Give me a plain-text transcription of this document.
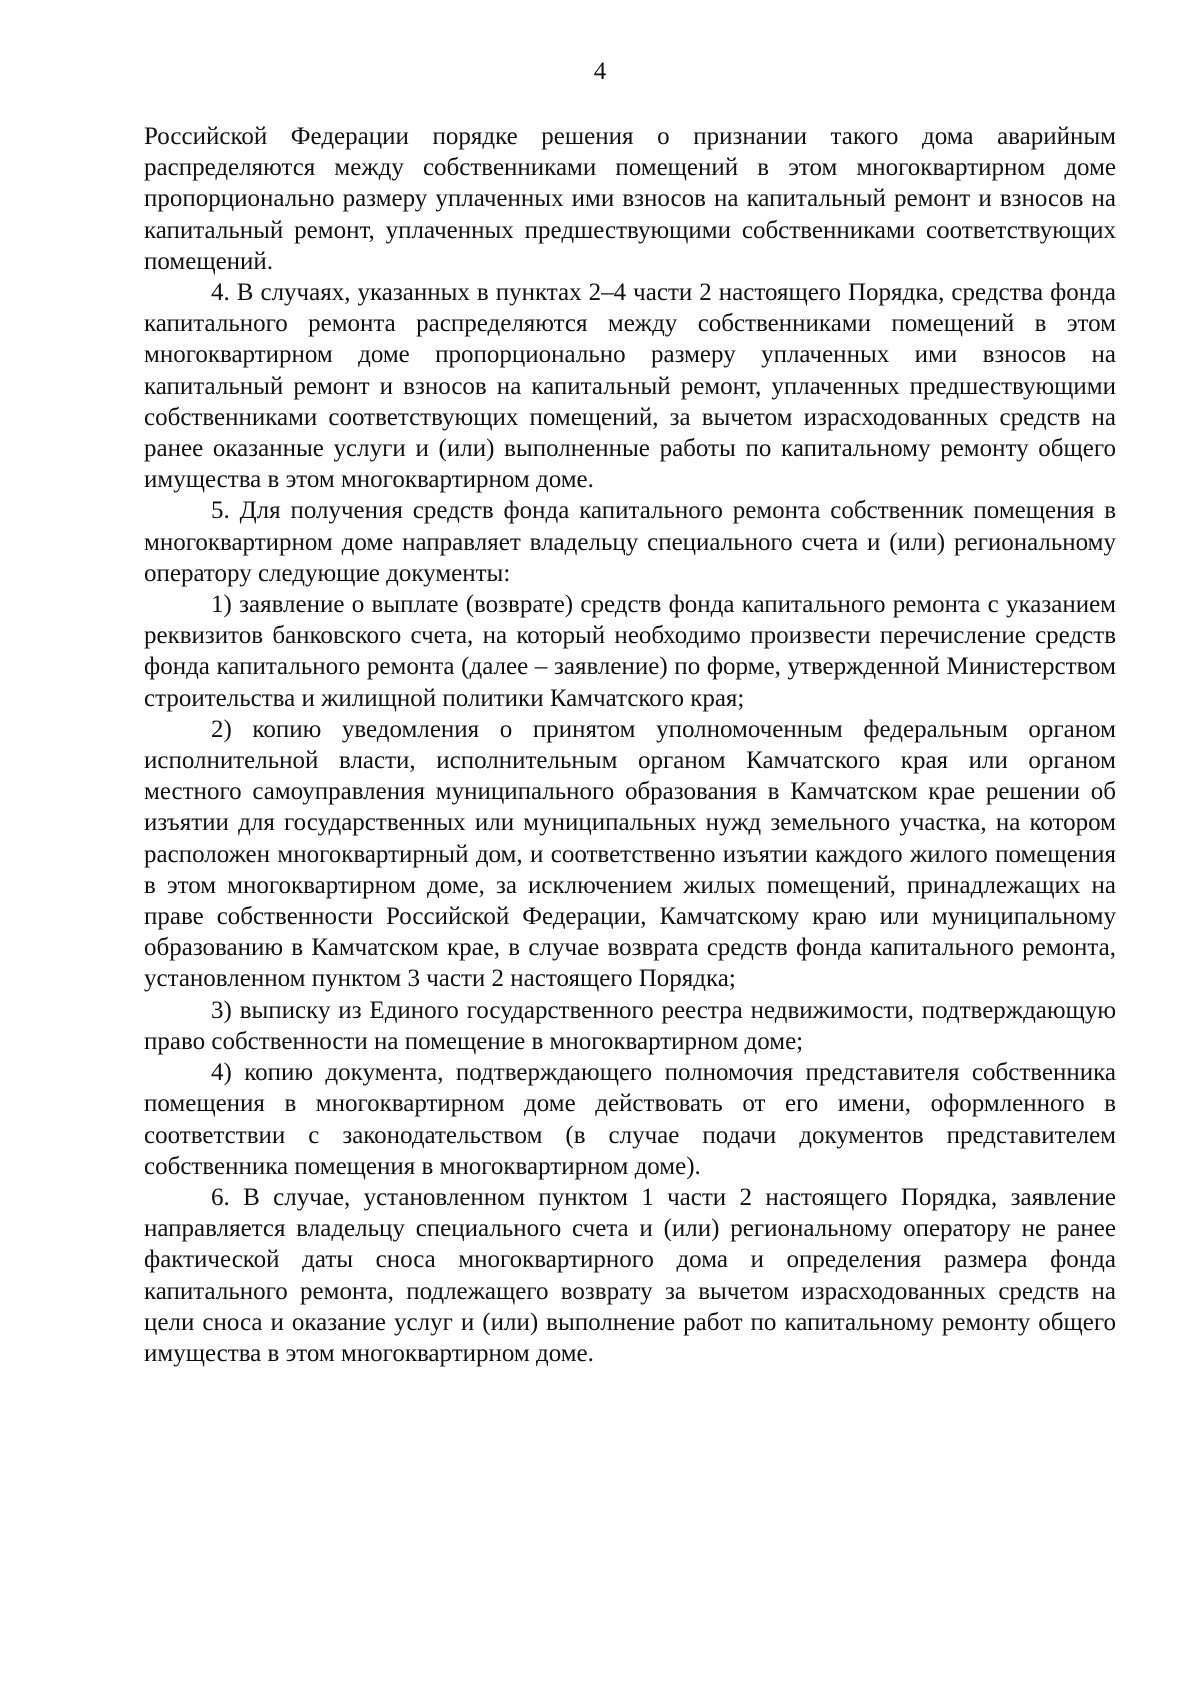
4

Российской Федерации порядке решения о признании такого дома аварийным распределяются между собственниками помещений в этом многоквартирном доме пропорционально размеру уплаченных ими взносов на капитальный ремонт и взносов на капитальный ремонт, уплаченных предшествующими собственниками соответствующих помещений.

4. В случаях, указанных в пунктах 2–4 части 2 настоящего Порядка, средства фонда капитального ремонта распределяются между собственниками помещений в этом многоквартирном доме пропорционально размеру уплаченных ими взносов на капитальный ремонт и взносов на капитальный ремонт, уплаченных предшествующими собственниками соответствующих помещений, за вычетом израсходованных средств на ранее оказанные услуги и (или) выполненные работы по капитальному ремонту общего имущества в этом многоквартирном доме.

5. Для получения средств фонда капитального ремонта собственник помещения в многоквартирном доме направляет владельцу специального счета и (или) региональному оператору следующие документы:

1) заявление о выплате (возврате) средств фонда капитального ремонта с указанием реквизитов банковского счета, на который необходимо произвести перечисление средств фонда капитального ремонта (далее – заявление) по форме, утвержденной Министерством строительства и жилищной политики Камчатского края;

2) копию уведомления о принятом уполномоченным федеральным органом исполнительной власти, исполнительным органом Камчатского края или органом местного самоуправления муниципального образования в Камчатском крае решении об изъятии для государственных или муниципальных нужд земельного участка, на котором расположен многоквартирный дом, и соответственно изъятии каждого жилого помещения в этом многоквартирном доме, за исключением жилых помещений, принадлежащих на праве собственности Российской Федерации, Камчатскому краю или муниципальному образованию в Камчатском крае, в случае возврата средств фонда капитального ремонта, установленном пунктом 3 части 2 настоящего Порядка;

3) выписку из Единого государственного реестра недвижимости, подтверждающую право собственности на помещение в многоквартирном доме;

4) копию документа, подтверждающего полномочия представителя собственника помещения в многоквартирном доме действовать от его имени, оформленного в соответствии с законодательством (в случае подачи документов представителем собственника помещения в многоквартирном доме).

6. В случае, установленном пунктом 1 части 2 настоящего Порядка, заявление направляется владельцу специального счета и (или) региональному оператору не ранее фактической даты сноса многоквартирного дома и определения размера фонда капитального ремонта, подлежащего возврату за вычетом израсходованных средств на цели сноса и оказание услуг и (или) выполнение работ по капитальному ремонту общего имущества в этом многоквартирном доме.
